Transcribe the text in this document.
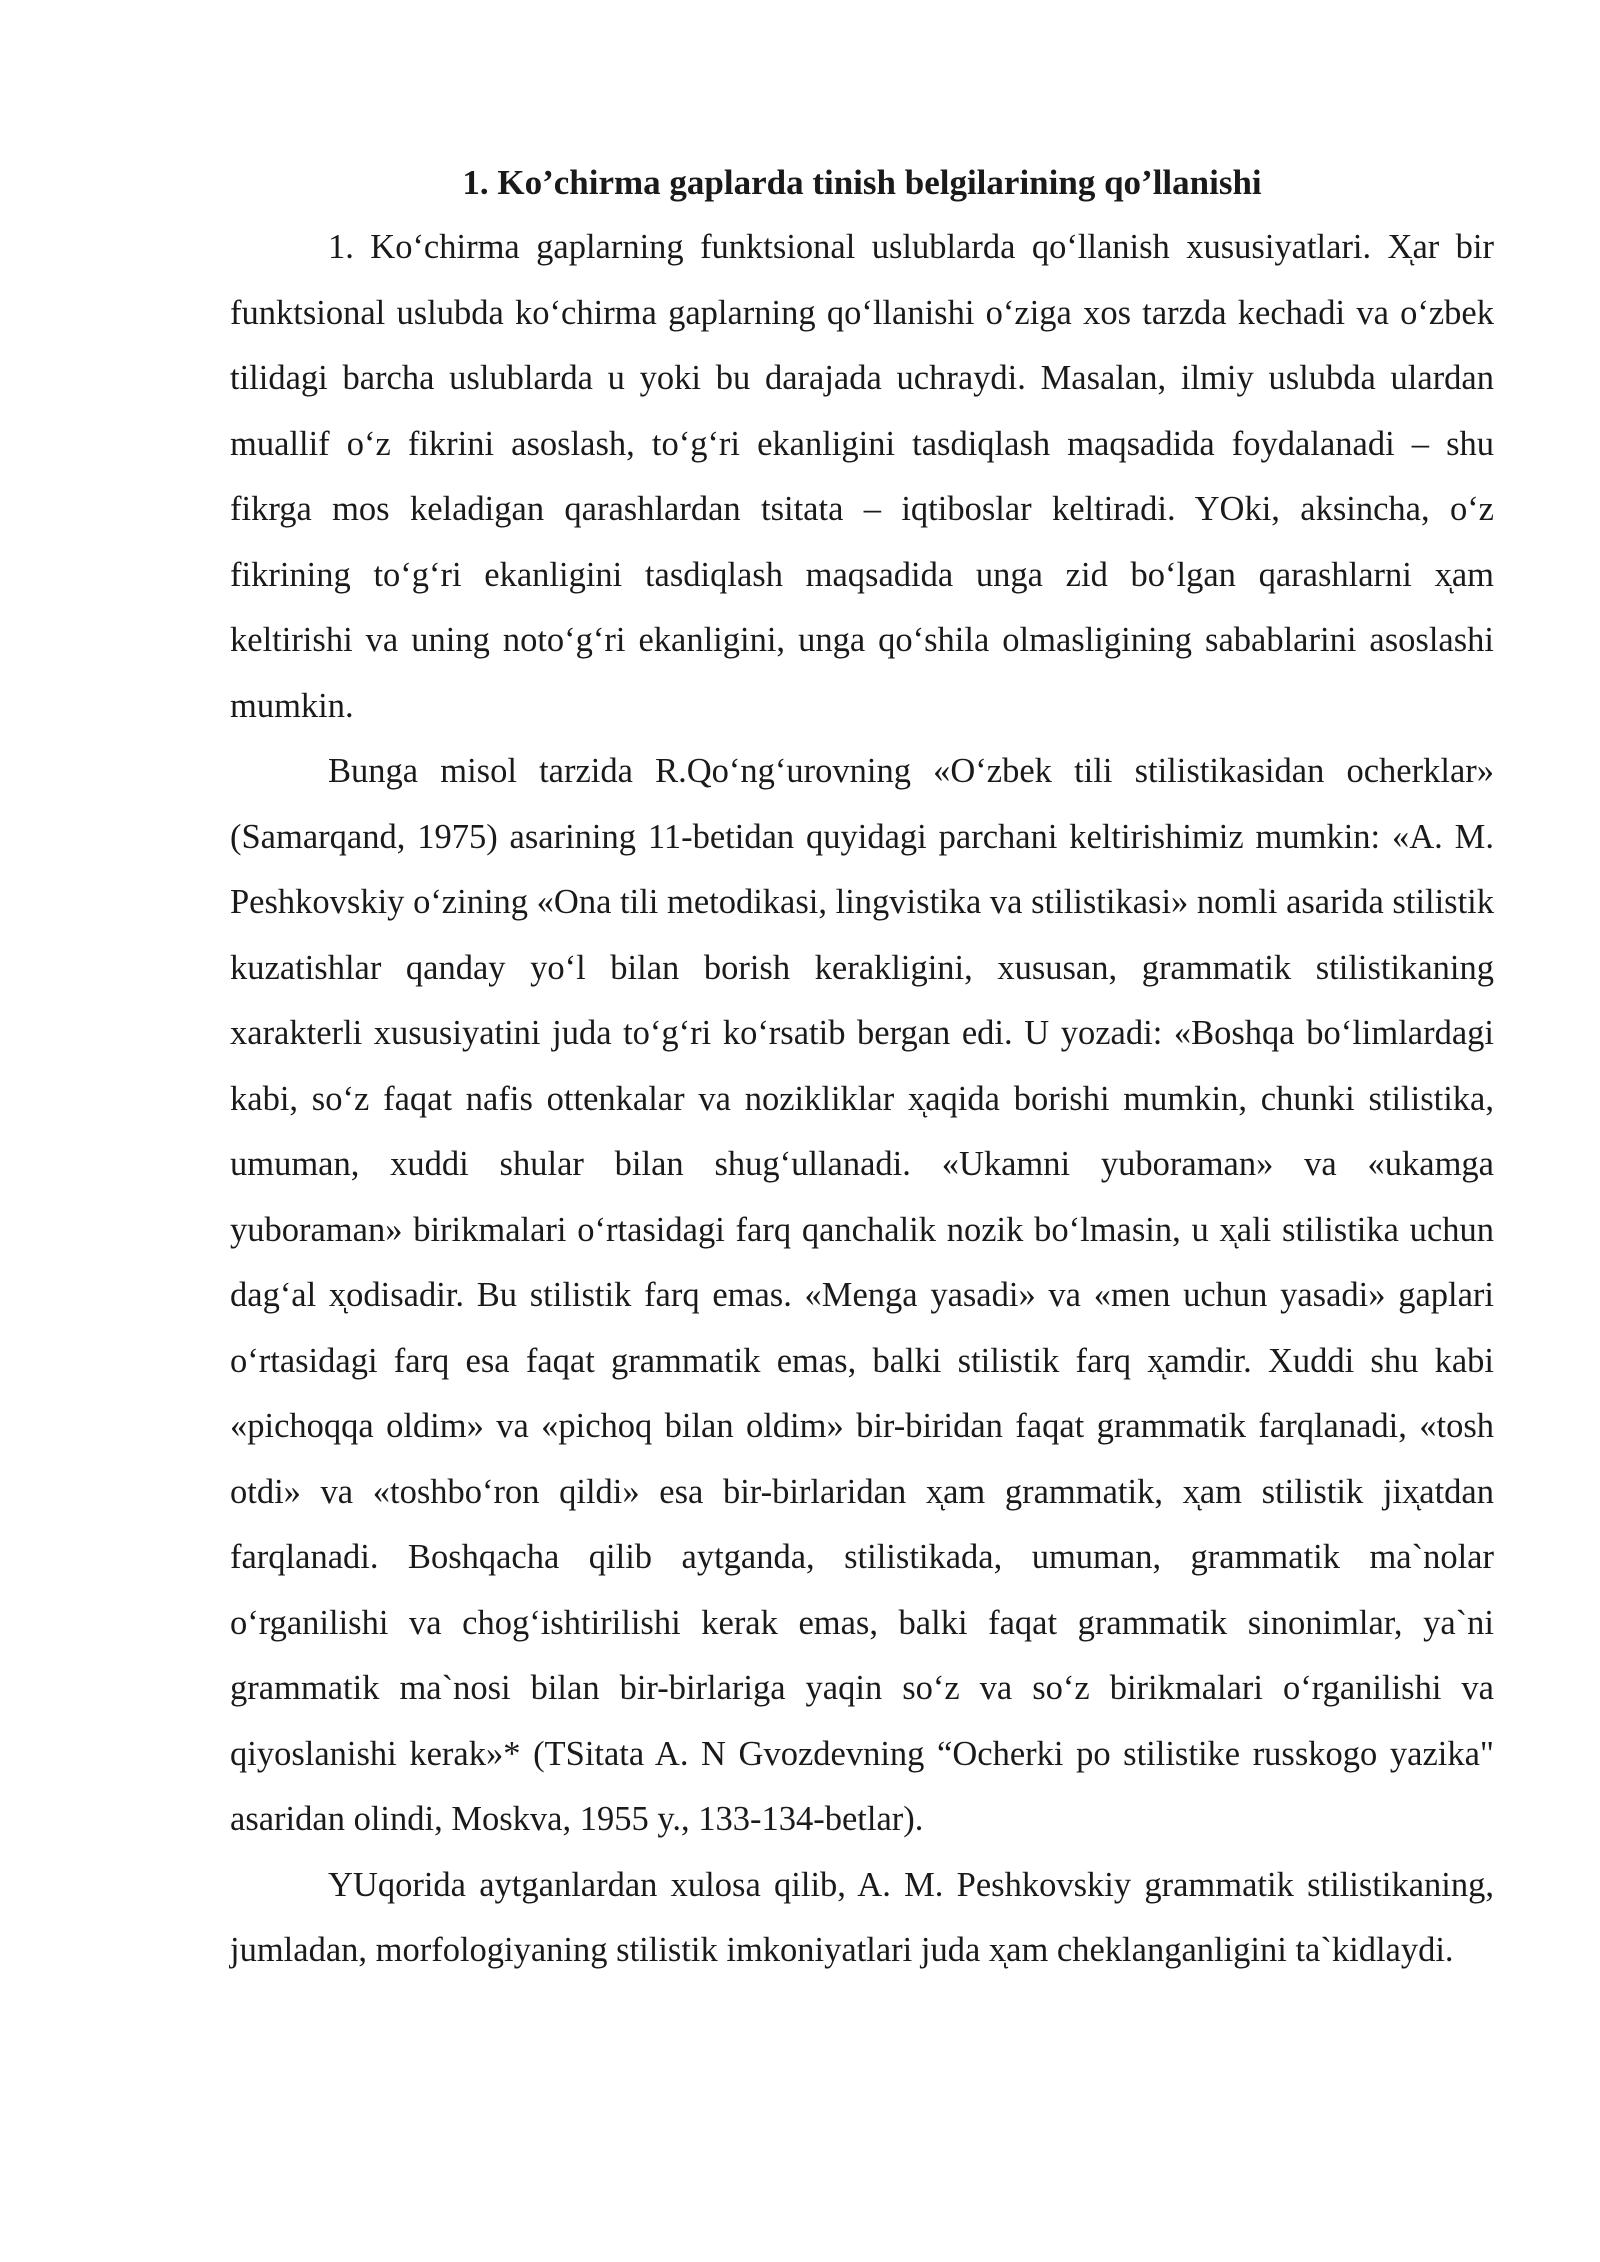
1. Ko’chirma gaplarda tinish belgilarining qo’llanishi

1. Koʻchirma gaplarning funktsional uslublarda qoʻllanish xususiyatlari. Xͅar bir funktsional uslubda koʻchirma gaplarning qoʻllanishi oʻziga xos tarzda kechadi va oʻzbek tilidagi barcha uslublarda u yoki bu darajada uchraydi. Masalan, ilmiy uslubda ulardan muallif oʻz fikrini asoslash, toʻgʻri ekanligini tasdiqlash maqsadida foydalanadi – shu fikrga mos keladigan qarashlardan tsitata – iqtiboslar keltiradi. YOki, aksincha, oʻz fikrining toʻgʻri ekanligini tasdiqlash maqsadida unga zid boʻlgan qarashlarni xͅam keltirishi va uning notoʻgʻri ekanligini, unga qoʻshila olmasligining sabablarini asoslashi mumkin.

Bunga misol tarzida R.Qoʻngʻurovning «Oʻzbek tili stilistikasidan ocherklar» (Samarqand, 1975) asarining 11-betidan quyidagi parchani keltirishimiz mumkin: «A. M. Peshkovskiy oʻzining «Ona tili metodikasi, lingvistika va stilistikasi» nomli asarida stilistik kuzatishlar qanday yoʻl bilan borish kerakligini, xususan, grammatik stilistikaning xarakterli xususiyatini juda toʻgʻri koʻrsatib bergan edi. U yozadi: «Boshqa boʻlimlardagi kabi, soʻz faqat nafis ottenkalar va nozikliklar xͅaqida borishi mumkin, chunki stilistika, umuman, xuddi shular bilan shugʻullanadi. «Ukamni yuboraman» va «ukamga yuboraman» birikmalari oʻrtasidagi farq qanchalik nozik boʻlmasin, u xͅali stilistika uchun dagʻal xͅodisadir. Bu stilistik farq emas. «Menga yasadi» va «men uchun yasadi» gaplari oʻrtasidagi farq esa faqat grammatik emas, balki stilistik farq xͅamdir. Xuddi shu kabi «pichoqqa oldim» va «pichoq bilan oldim» bir-biridan faqat grammatik farqlanadi, «tosh otdi» va «toshboʻron qildi» esa bir-birlaridan xͅam grammatik, xͅam stilistik jixͅatdan farqlanadi. Boshqacha qilib aytganda, stilistikada, umuman, grammatik ma`nolar oʻrganilishi va chogʻishtirilishi kerak emas, balki faqat grammatik sinonimlar, ya`ni grammatik ma`nosi bilan bir-birlariga yaqin soʻz va soʻz birikmalari oʻrganilishi va qiyoslanishi kerak»* (TSitata A. N Gvozdevning “Ocherki po stilistike russkogo yazika" asaridan olindi, Moskva, 1955 y., 133-134-betlar).

YUqorida aytganlardan xulosa qilib, A. M. Peshkovskiy grammatik stilistikaning, jumladan, morfologiyaning stilistik imkoniyatlari juda xͅam cheklanganligini ta`kidlaydi.
